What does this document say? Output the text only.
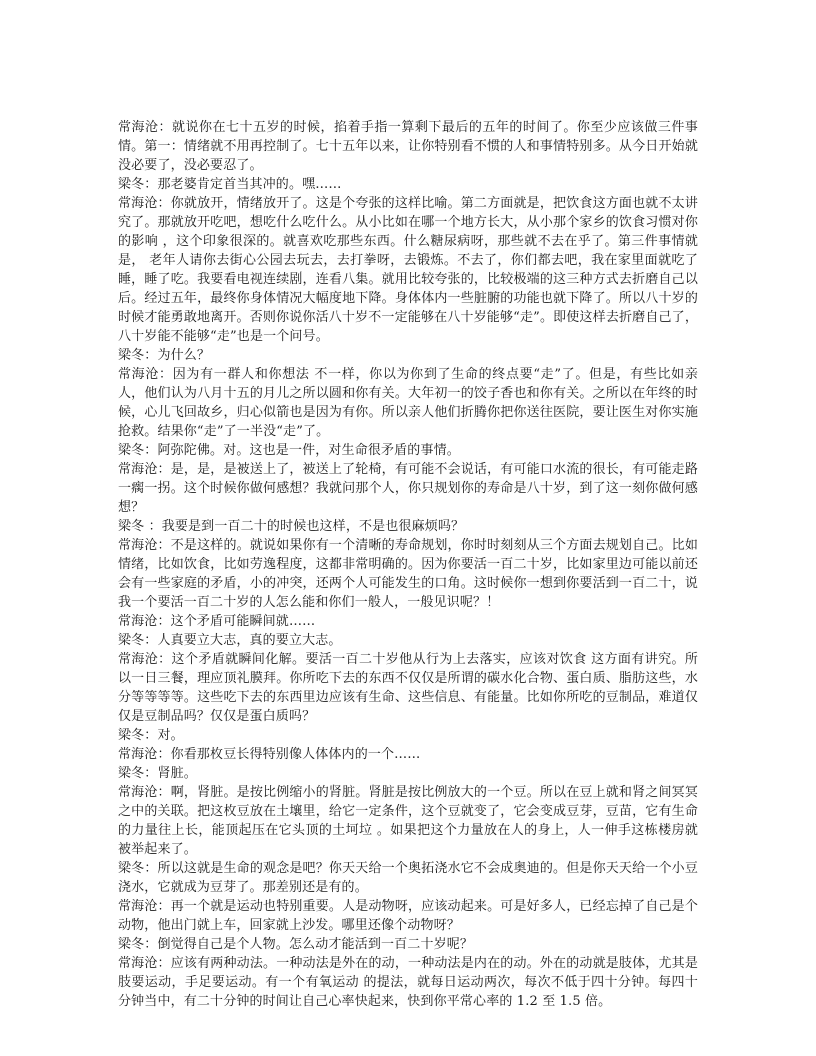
常海沧：就说你在七十五岁的时候，掐着手指一算剩下最后的五年的时间了。你至少应该做三件事情。第一：情绪就不用再控制了。七十五年以来，让你特别看不惯的人和事情特别多。从今日开始就没必要了，没必要忍了。

梁冬：那老婆肯定首当其冲的。嘿……

常海沧：你就放开，情绪放开了。这是个夸张的这样比喻。第二方面就是，把饮食这方面也就不太讲究了。那就放开吃吧，想吃什么吃什么。从小比如在哪一个地方长大，从小那个家乡的饮食习惯对你的影响 ，这个印象很深的。就喜欢吃那些东西。什么糖尿病呀，那些就不去在乎了。第三件事情就是， 老年人请你去街心公园去玩去，去打拳呀，去锻炼。不去了，你们都去吧，我在家里面就吃了睡，睡了吃。我要看电视连续剧，连看八集。就用比较夸张的，比较极端的这三种方式去折磨自己以后。经过五年，最终你身体情况大幅度地下降。身体体内一些脏腑的功能也就下降了。所以八十岁的时候才能勇敢地离开。否则你说你活八十岁不一定能够在八十岁能够“走”。即使这样去折磨自己了，八十岁能不能够“走”也是一个问号。

梁冬：为什么？

常海沧：因为有一群人和你想法 不一样，你以为你到了生命的终点要“走”了。但是，有些比如亲人，他们认为八月十五的月儿之所以圆和你有关。大年初一的饺子香也和你有关。之所以在年终的时候，心儿飞回故乡，归心似箭也是因为有你。所以亲人他们折腾你把你送往医院，要让医生对你实施抢救。结果你“走”了一半没“走”了。

梁冬：阿弥陀佛。对。这也是一件，对生命很矛盾的事情。

常海沧：是，是，是被送上了，被送上了轮椅，有可能不会说话，有可能口水流的很长，有可能走路一瘸一拐。这个时候你做何感想？我就问那个人，你只规划你的寿命是八十岁，到了这一刻你做何感想？

梁冬 ：我要是到一百二十的时候也这样，不是也很麻烦吗？

常海沧：不是这样的。就说如果你有一个清晰的寿命规划，你时时刻刻从三个方面去规划自己。比如情绪，比如饮食，比如劳逸程度，这都非常明确的。因为你要活一百二十岁，比如家里边可能以前还会有一些家庭的矛盾，小的冲突，还两个人可能发生的口角。这时候你一想到你要活到一百二十，说我一个要活一百二十岁的人怎么能和你们一般人，一般见识呢？！

常海沧：这个矛盾可能瞬间就……

梁冬：人真要立大志，真的要立大志。

常海沧：这个矛盾就瞬间化解。要活一百二十岁他从行为上去落实，应该对饮食 这方面有讲究。所以一日三餐，理应顶礼膜拜。你所吃下去的东西不仅仅是所谓的碳水化合物、蛋白质、脂肪这些，水分等等等等。这些吃下去的东西里边应该有生命、这些信息、有能量。比如你所吃的豆制品，难道仅仅是豆制品吗？仅仅是蛋白质吗？

梁冬：对。

常海沧：你看那枚豆长得特别像人体体内的一个……

梁冬：肾脏。

常海沧：啊，肾脏。是按比例缩小的肾脏。肾脏是按比例放大的一个豆。所以在豆上就和肾之间冥冥之中的关联。把这枚豆放在土壤里，给它一定条件，这个豆就变了，它会变成豆芽，豆苗，它有生命的力量往上长，能顶起压在它头顶的土坷垃 。如果把这个力量放在人的身上，人一伸手这栋楼房就被举起来了。

梁冬：所以这就是生命的观念是吧？你天天给一个奥拓浇水它不会成奥迪的。但是你天天给一个小豆浇水，它就成为豆芽了。那差别还是有的。

常海沧：再一个就是运动也特别重要。人是动物呀，应该动起来。可是好多人，已经忘掉了自己是个动物，他出门就上车，回家就上沙发。哪里还像个动物呀？

梁冬：倒觉得自己是个人物。怎么动才能活到一百二十岁呢？

常海沧：应该有两种动法。一种动法是外在的动，一种动法是内在的动。外在的动就是肢体，尤其是肢要运动，手足要运动。有一个有氧运动 的提法，就每日运动两次，每次不低于四十分钟。每四十分钟当中，有二十分钟的时间让自己心率快起来，快到你平常心率的 1.2 至 1.5 倍。
